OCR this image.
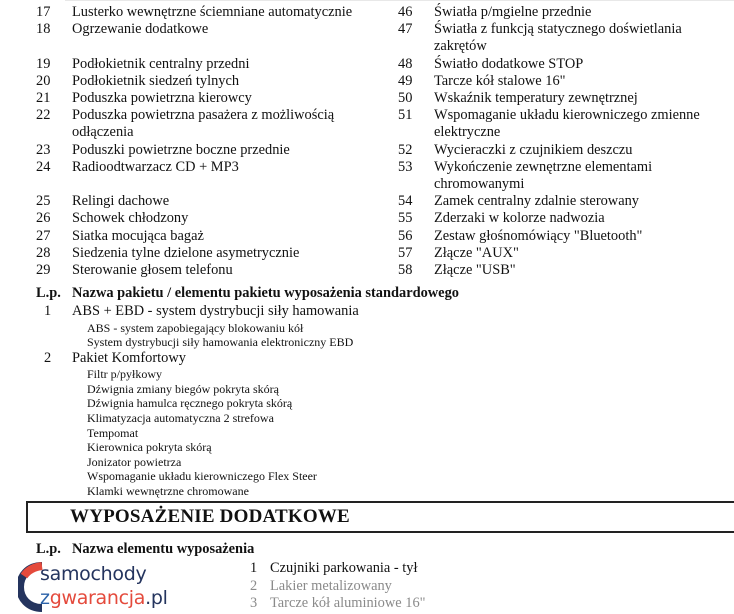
17	Lusterko wewnętrzne ściemniane automatycznie
18	Ogrzewanie dodatkowe
19	Podłokietnik centralny przedni
20	Podłokietnik siedzeń tylnych
21	Poduszka powietrzna kierowcy
22	Poduszka powietrzna pasażera z możliwością odłączenia
23	Poduszki powietrzne boczne przednie
24	Radioodtwarzacz CD + MP3
25	Relingi dachowe
26	Schowek chłodzony
27	Siatka mocująca bagaż
28	Siedzenia tylne dzielone asymetrycznie
29	Sterowanie głosem telefonu
46	Światła p/mgielne przednie
47	Światła z funkcją statycznego doświetlania zakrętów
48	Światło dodatkowe STOP
49	Tarcze kół stalowe 16"
50	Wskaźnik temperatury zewnętrznej
51	Wspomaganie układu kierowniczego zmienne elektryczne
52	Wycieraczki z czujnikiem deszczu
53	Wykończenie zewnętrzne elementami chromowanymi
54	Zamek centralny zdalnie sterowany
55	Zderzaki w kolorze nadwozia
56	Zestaw głośnomówiący "Bluetooth"
57	Złącze "AUX"
58	Złącze "USB"
L.p. Nazwa pakietu / elementu pakietu wyposażenia standardowego
1	ABS + EBD - system dystrybucji siły hamowania
ABS - system zapobiegający blokowaniu kół
System dystrybucji siły hamowania elektroniczny EBD
2	Pakiet Komfortowy
Filtr p/pyłkowy
Dźwignia zmiany biegów pokryta skórą
Dźwignia hamulca ręcznego pokryta skórą
Klimatyzacja automatyczna 2 strefowa
Tempomat
Kierownica pokryta skórą
Jonizator powietrza
Wspomaganie układu kierowniczego Flex Steer
Klamki wewnętrzne chromowane
WYPOSAŻENIE DODATKOWE
L.p. Nazwa elementu wyposażenia
1 Czujniki parkowania - tył
2 Lakier metalizowany
3 Tarcze kół aluminiowe 16"
samochody
zgwarancja.pl
